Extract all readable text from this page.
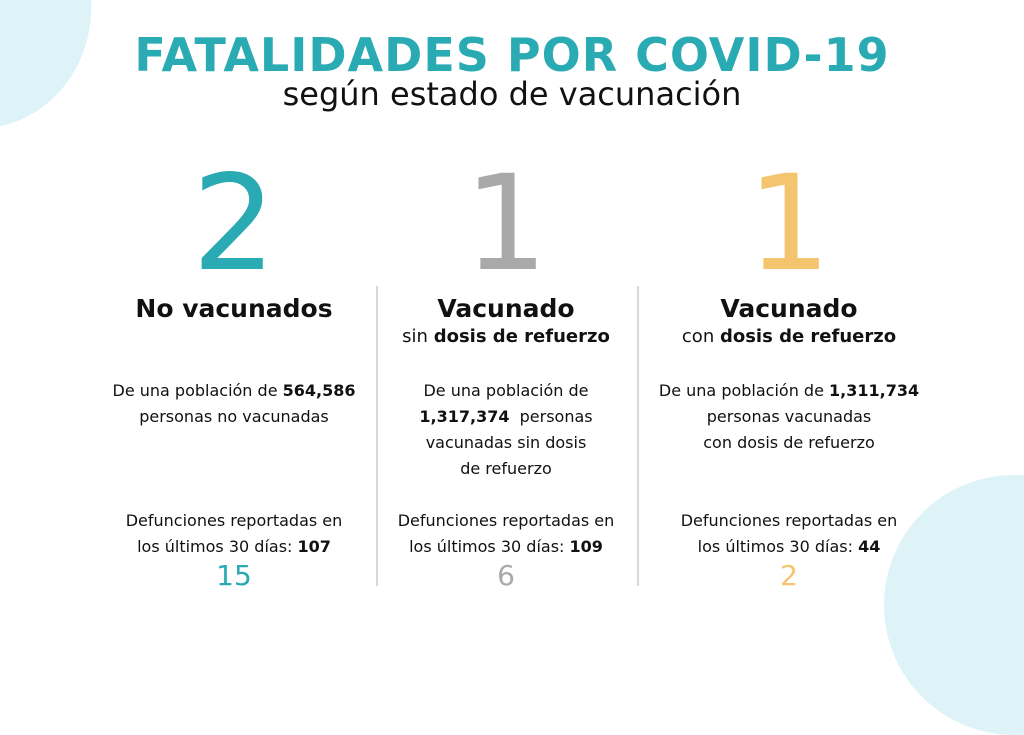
FATALIDADES POR COVID-19
según estado de vacunación
2
No vacunados
De una población de 564,586
personas no vacunadas
Defunciones reportadas en
los últimos 30 días: 107
15
1
Vacunado
sin dosis de refuerzo
De una población de
1,317,374  personas
vacunadas sin dosis
de refuerzo
Defunciones reportadas en
los últimos 30 días: 109
6
1
Vacunado
con dosis de refuerzo
De una población de 1,311,734
personas vacunadas
con dosis de refuerzo
Defunciones reportadas en
los últimos 30 días: 44
2
